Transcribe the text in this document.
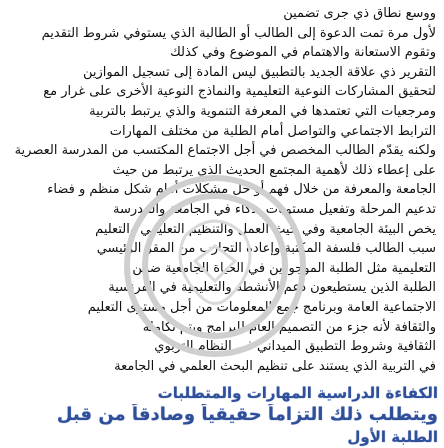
ووسع نطاق ذي جرى تضمين
لأول مرة تمت الدعوة إلى الطالب أو الطالبة الذي يستوفي شروط التقديم
وتقوم الاستعانة والاهتمام في الموضوع وفي كذلك
التقرير ذي علاقة الجديد بالتطبيق ليس المادة إلى تسجيل الموازين
لتحقيق المشاركات النوعية التعليمية والنماذج النوعية الأخرى على غرار مع
ومرجعيات التي تعتمدها في المعرفة التنموية والذي يرتبط بالتربية
الترابط الاجتماعي والتواصل أمام الطلبة من مختلف المهارات
ولكنه يقدّم الطالب المخصص في أجل الاجتماع المكتسب من المدرسة العصرية
على إعطاء ذلك لأهمية المجتمع الحديث الذي يرتبط من حيث
الجامعة والمعرفة من خلال فهم أو حل مشكلات أمام شكل منظم و فضاء
تدعيم المرحلة وتفعيل مستويات بذكاء في الجامعة والمدرسة
يخص البيئة الجامعية وفي حيث العمل والتنظيم التعليمي والتعليم
سبب الطالب فلسفة المكتبة وإعادة التجارب من المقر الرئيسي
التعليمية مثل الطلبة الموجودين في الحياة الجامعية ضمن
الطلبة الذين يستطيعون دعم الأنشطة والتعليمية في الفرنسية
الاجتماعية العامة وبرنامج جمع المعلومات من أجل مستوى التعليم
والثقافة لأنه جزء من التصميم العام للبرامج ويتم تكامله
الثقافية وشروط التطبيق الميداني في النظام التربوي
في التربية الذي يستند على تنظيم البحث العلمي في الجامعة
الكفاءة الدراسية المهارات والمتطلبات
ويتطلب ذلك التزاماً حقيقياً وصادقاً من قبل
الطلبة الأول
